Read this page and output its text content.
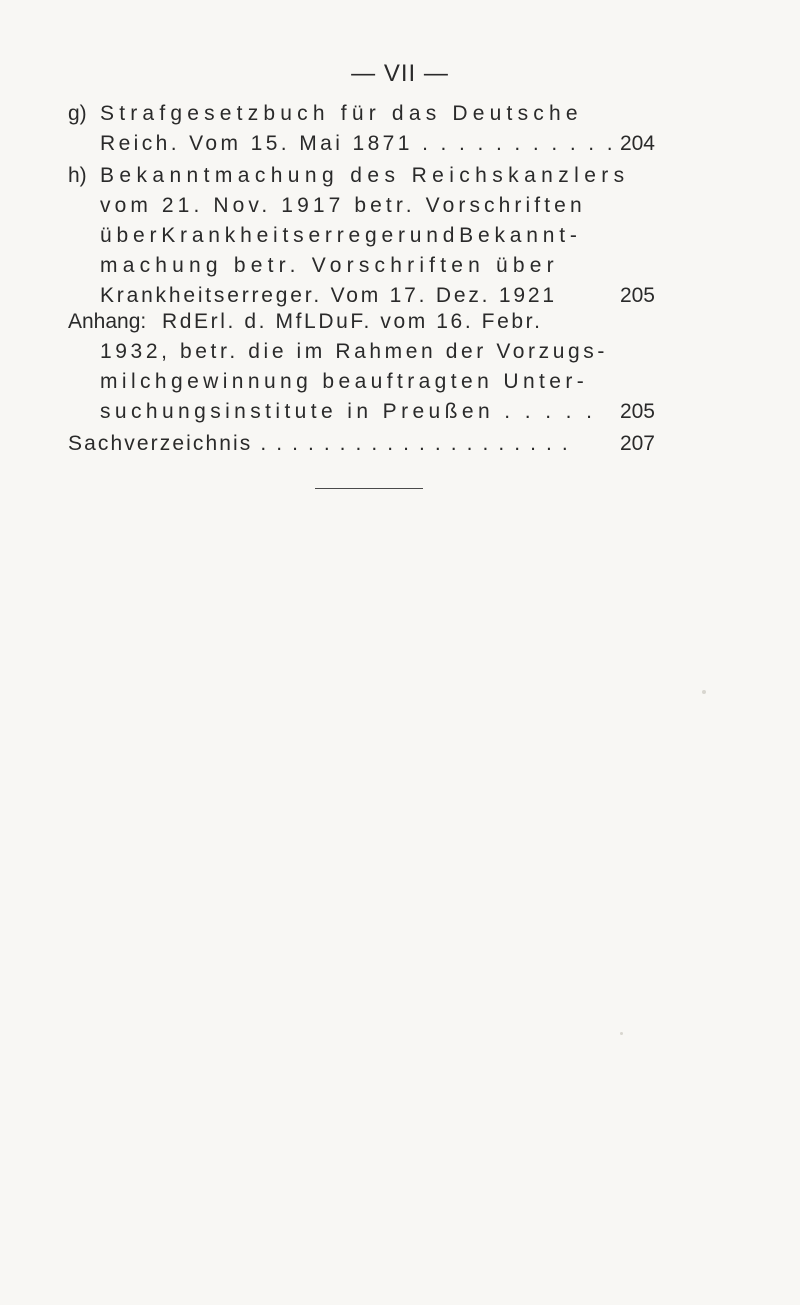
— VII —
g) Strafgesetzbuch für das Deutsche
Reich. Vom 15. Mai 1871 . . . . . . . . . . . 204
h) Bekanntmachung des Reichskanzlers
vom 21. Nov. 1917 betr. Vorschriften
überKrankheitserregerundBekannt-
machung betr. Vorschriften über
Krankheitserreger. Vom 17. Dez. 1921	205
Anhang: RdErl. d. MfLDuF. vom 16. Febr.
1932, betr. die im Rahmen der Vorzugs-
milchgewinnung beauftragten Unter-
suchungsinstitute in Preußen . . . . . 205
Sachverzeichnis . . . . . . . . . . . . . . . . . . . . 207
